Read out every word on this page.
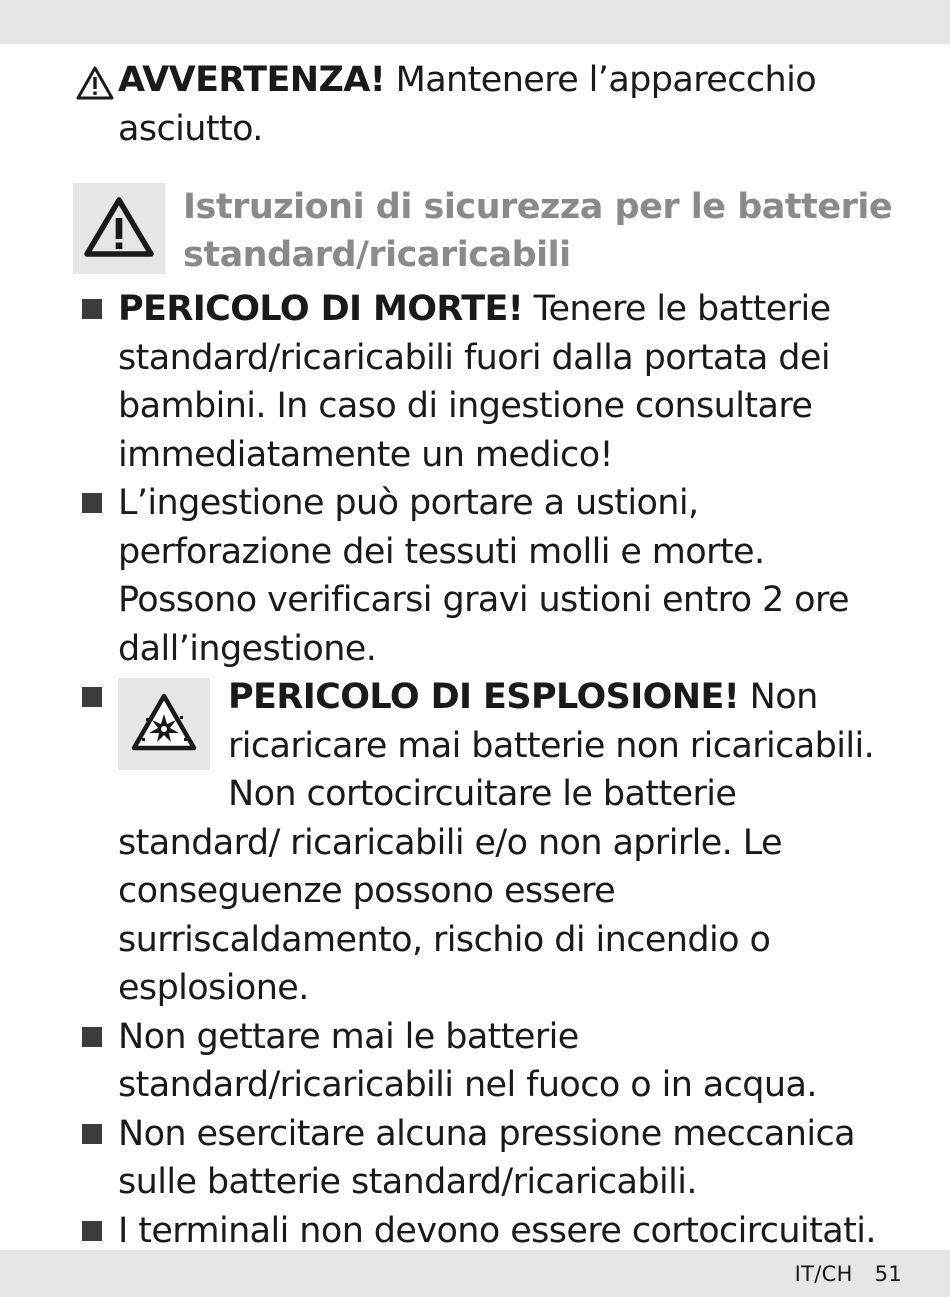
AVVERTENZA! Mantenere l’apparecchio asciutto.
Istruzioni di sicurezza per le batterie
standard/ricaricabili
PERICOLO DI MORTE! Tenere le batterie standard/ricaricabili fuori dalla portata dei bambini. In caso di ingestione consultare immediatamente un medico!
L’ingestione può portare a ustioni, perforazione dei tessuti molli e morte. Possono verificarsi gravi ustioni entro 2 ore dall’ingestione.
PERICOLO DI ESPLOSIONE! Non ricaricare mai batterie non ricaricabili. Non cortocircuitare le batterie standard/ ricaricabili e/o non aprirle. Le conseguenze possono essere surriscaldamento, rischio di incendio o esplosione.
Non gettare mai le batterie standard/ricaricabili nel fuoco o in acqua.
Non esercitare alcuna pressione meccanica sulle batterie standard/ricaricabili.
I terminali non devono essere cortocircuitati.
IT/CH 51
